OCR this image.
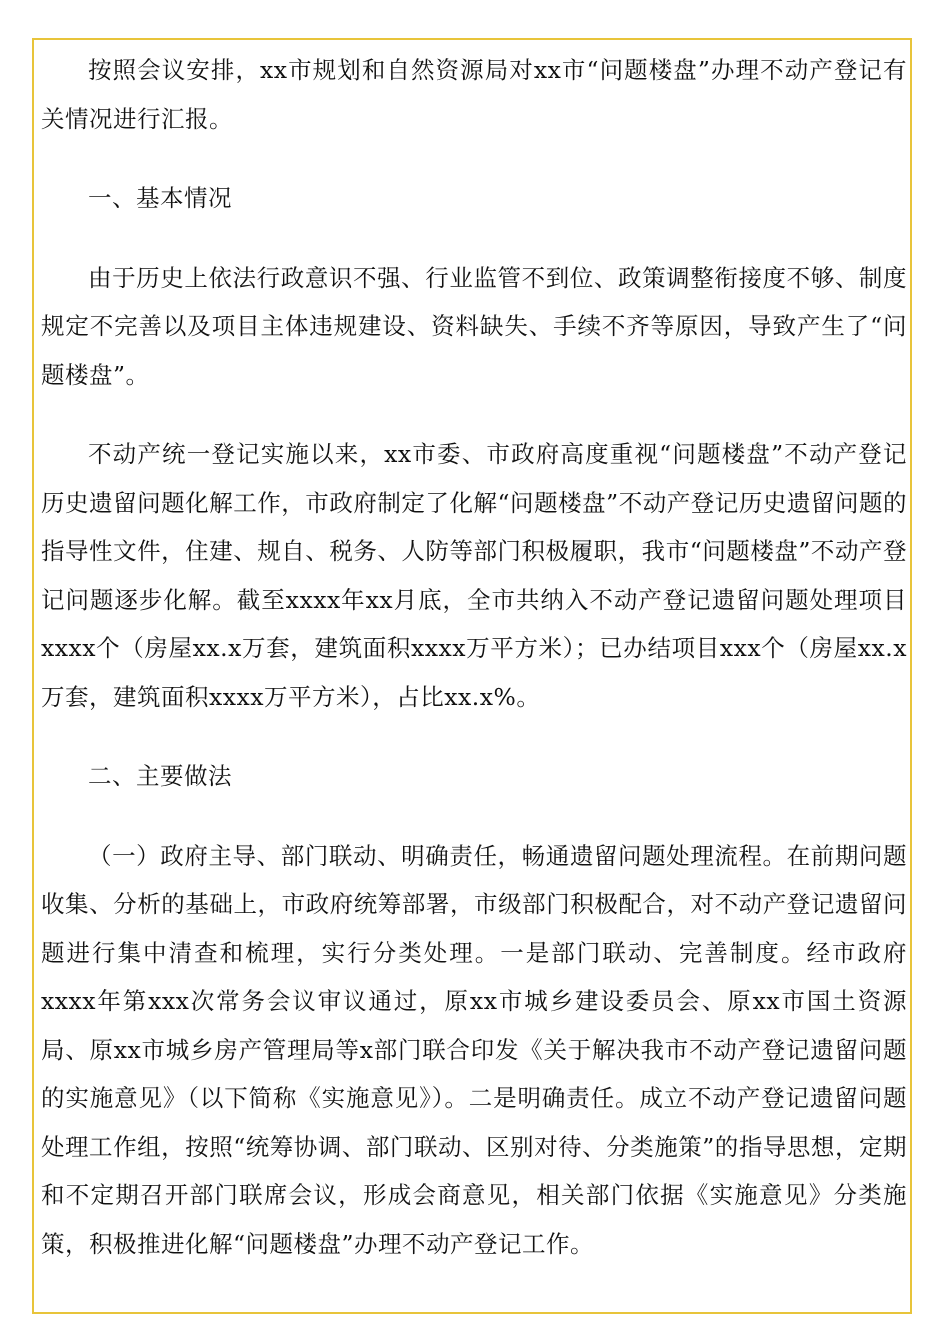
按照会议安排，xx市规划和自然资源局对xx市“问题楼盘”办理不动产登记有关情况进行汇报。

一、基本情况

由于历史上依法行政意识不强、行业监管不到位、政策调整衔接度不够、制度规定不完善以及项目主体违规建设、资料缺失、手续不齐等原因，导致产生了“问题楼盘”。

不动产统一登记实施以来，xx市委、市政府高度重视“问题楼盘”不动产登记历史遗留问题化解工作，市政府制定了化解“问题楼盘”不动产登记历史遗留问题的指导性文件，住建、规自、税务、人防等部门积极履职，我市“问题楼盘”不动产登记问题逐步化解。截至xxxx年xx月底，全市共纳入不动产登记遗留问题处理项目xxxx个（房屋xx.x万套，建筑面积xxxx万平方米）；已办结项目xxx个（房屋xx.x万套，建筑面积xxxx万平方米），占比xx.x%。

二、主要做法

（一）政府主导、部门联动、明确责任，畅通遗留问题处理流程。在前期问题收集、分析的基础上，市政府统筹部署，市级部门积极配合，对不动产登记遗留问题进行集中清查和梳理，实行分类处理。一是部门联动、完善制度。经市政府xxxx年第xxx次常务会议审议通过，原xx市城乡建设委员会、原xx市国土资源局、原xx市城乡房产管理局等x部门联合印发《关于解决我市不动产登记遗留问题的实施意见》（以下简称《实施意见》）。二是明确责任。成立不动产登记遗留问题处理工作组，按照“统筹协调、部门联动、区别对待、分类施策”的指导思想，定期和不定期召开部门联席会议，形成会商意见，相关部门依据《实施意见》分类施策，积极推进化解“问题楼盘”办理不动产登记工作。
